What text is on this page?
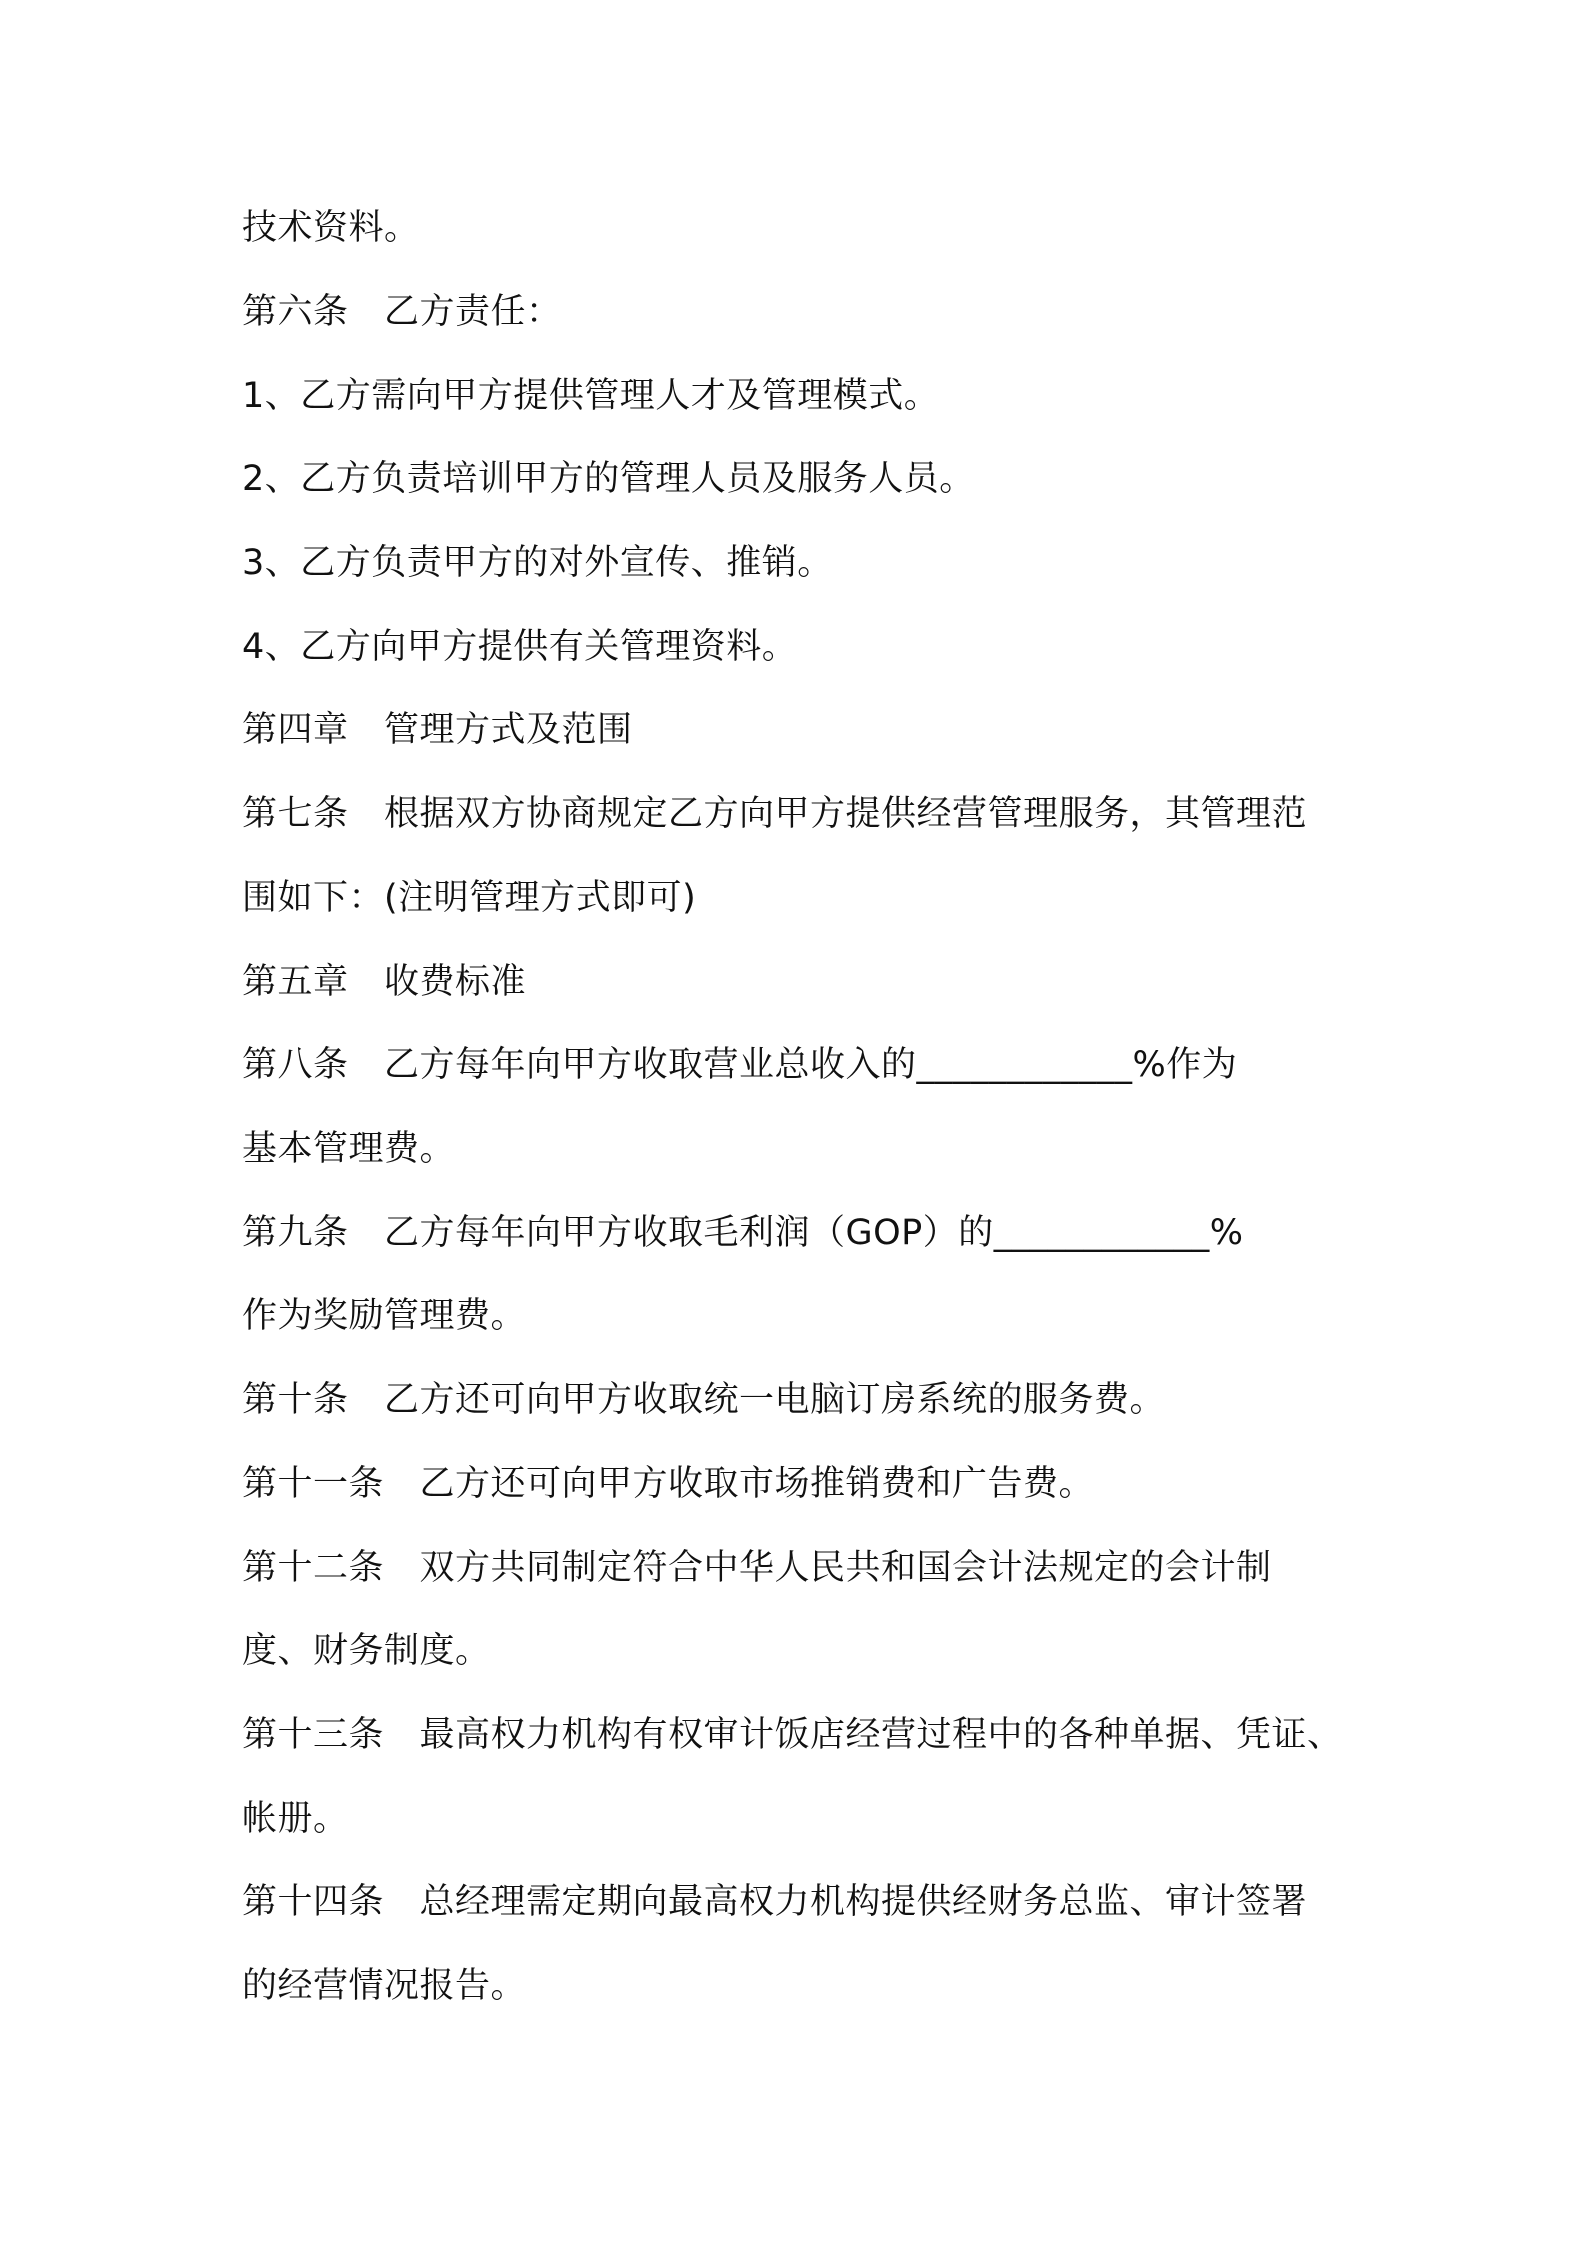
技术资料。
第六条　乙方责任：
1、乙方需向甲方提供管理人才及管理模式。
2、乙方负责培训甲方的管理人员及服务人员。
3、乙方负责甲方的对外宣传、推销。
4、乙方向甲方提供有关管理资料。
第四章　管理方式及范围
第七条　根据双方协商规定乙方向甲方提供经营管理服务，其管理范
围如下：(注明管理方式即可)
第五章　收费标准
第八条　乙方每年向甲方收取营业总收入的____________%作为
基本管理费。
第九条　乙方每年向甲方收取毛利润（GOP）的____________%
作为奖励管理费。
第十条　乙方还可向甲方收取统一电脑订房系统的服务费。
第十一条　乙方还可向甲方收取市场推销费和广告费。
第十二条　双方共同制定符合中华人民共和国会计法规定的会计制
度、财务制度。
第十三条　最高权力机构有权审计饭店经营过程中的各种单据、凭证、
帐册。
第十四条　总经理需定期向最高权力机构提供经财务总监、审计签署
的经营情况报告。
